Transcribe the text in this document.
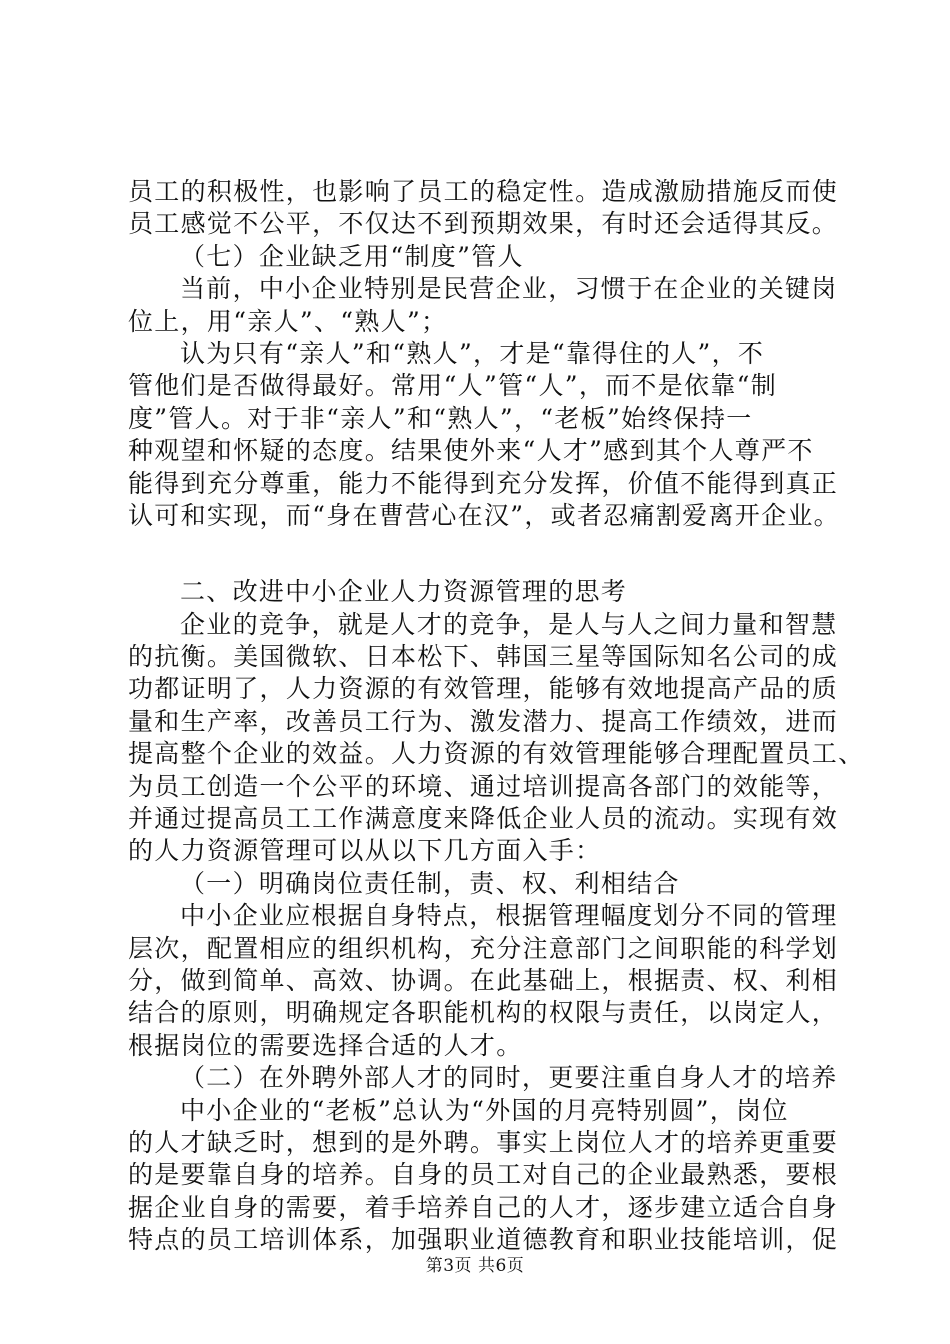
员工的积极性，也影响了员工的稳定性。造成激励措施反而使
员工感觉不公平，不仅达不到预期效果，有时还会适得其反。
（七）企业缺乏用“制度”管人
当前，中小企业特别是民营企业，习惯于在企业的关键岗
位上，用“亲人”、“熟人”；
认为只有“亲人”和“熟人”，才是“靠得住的人”，不
管他们是否做得最好。常用“人”管“人”，而不是依靠“制
度”管人。对于非“亲人”和“熟人”，“老板”始终保持一
种观望和怀疑的态度。结果使外来“人才”感到其个人尊严不
能得到充分尊重，能力不能得到充分发挥，价值不能得到真正
认可和实现，而“身在曹营心在汉”，或者忍痛割爱离开企业。
二、改进中小企业人力资源管理的思考
企业的竞争，就是人才的竞争，是人与人之间力量和智慧
的抗衡。美国微软、日本松下、韩国三星等国际知名公司的成
功都证明了，人力资源的有效管理，能够有效地提高产品的质
量和生产率，改善员工行为、激发潜力、提高工作绩效，进而
提高整个企业的效益。人力资源的有效管理能够合理配置员工、
为员工创造一个公平的环境、通过培训提高各部门的效能等，
并通过提高员工工作满意度来降低企业人员的流动。实现有效
的人力资源管理可以从以下几方面入手：
（一）明确岗位责任制，责、权、利相结合
中小企业应根据自身特点，根据管理幅度划分不同的管理
层次，配置相应的组织机构，充分注意部门之间职能的科学划
分，做到简单、高效、协调。在此基础上，根据责、权、利相
结合的原则，明确规定各职能机构的权限与责任，以岗定人，
根据岗位的需要选择合适的人才。
（二）在外聘外部人才的同时，更要注重自身人才的培养
中小企业的“老板”总认为“外国的月亮特别圆”，岗位
的人才缺乏时，想到的是外聘。事实上岗位人才的培养更重要
的是要靠自身的培养。自身的员工对自己的企业最熟悉，要根
据企业自身的需要，着手培养自己的人才，逐步建立适合自身
特点的员工培训体系，加强职业道德教育和职业技能培训，促
第3页 共6页
